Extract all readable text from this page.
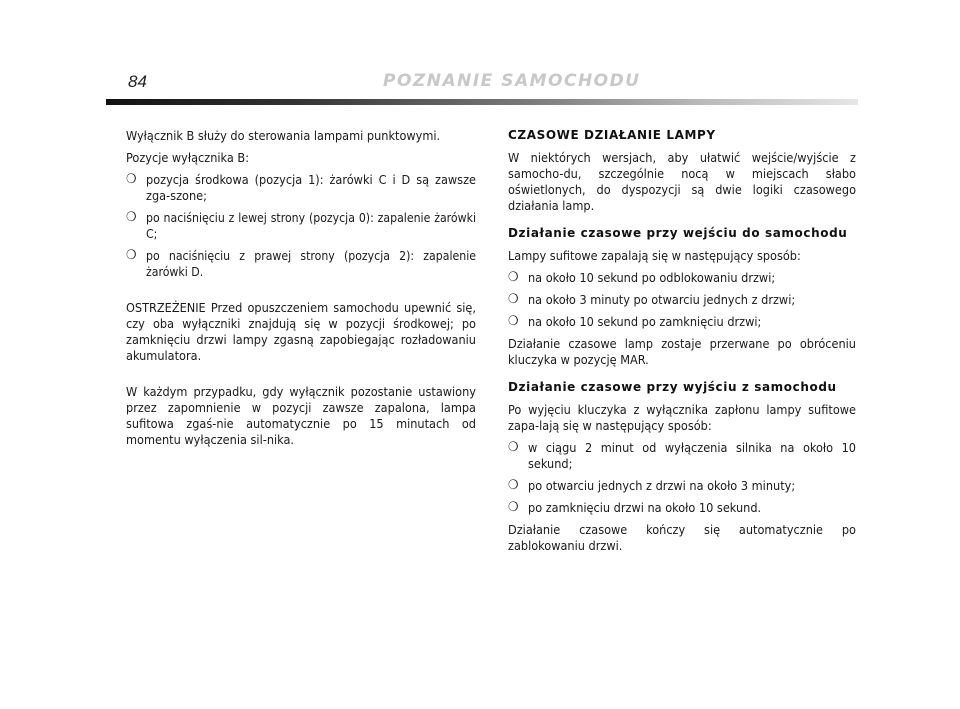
84	POZNANIE SAMOCHODU

Wyłącznik B służy do sterowania lampami punktowymi.

Pozycje wyłącznika B:

❍ pozycja środkowa (pozycja 1): żarówki C i D są zawsze zga-szone;
❍ po naciśnięciu z lewej strony (pozycja 0): zapalenie żarówki C;
❍ po naciśnięciu z prawej strony (pozycja 2): zapalenie żarówki D.

OSTRZEŻENIE Przed opuszczeniem samochodu upewnić się, czy oba wyłączniki znajdują się w pozycji środkowej; po zamknięciu drzwi lampy zgasną zapobiegając rozładowaniu akumulatora.

W każdym przypadku, gdy wyłącznik pozostanie ustawiony przez zapomnienie w pozycji zawsze zapalona, lampa sufitowa zgaś-nie automatycznie po 15 minutach od momentu wyłączenia sil-nika.

CZASOWE DZIAŁANIE LAMPY

W niektórych wersjach, aby ułatwić wejście/wyjście z samocho-du, szczególnie nocą w miejscach słabo oświetlonych, do dyspozycji są dwie logiki czasowego działania lamp.

Działanie czasowe przy wejściu do samochodu

Lampy sufitowe zapalają się w następujący sposób:

❍ na około 10 sekund po odblokowaniu drzwi;
❍ na około 3 minuty po otwarciu jednych z drzwi;
❍ na około 10 sekund po zamknięciu drzwi;

Działanie czasowe lamp zostaje przerwane po obróceniu kluczyka w pozycję MAR.

Działanie czasowe przy wyjściu z samochodu

Po wyjęciu kluczyka z wyłącznika zapłonu lampy sufitowe zapa-lają się w następujący sposób:

❍ w ciągu 2 minut od wyłączenia silnika na około 10 sekund;
❍ po otwarciu jednych z drzwi na około 3 minuty;
❍ po zamknięciu drzwi na około 10 sekund.

Działanie czasowe kończy się automatycznie po zablokowaniu drzwi.
